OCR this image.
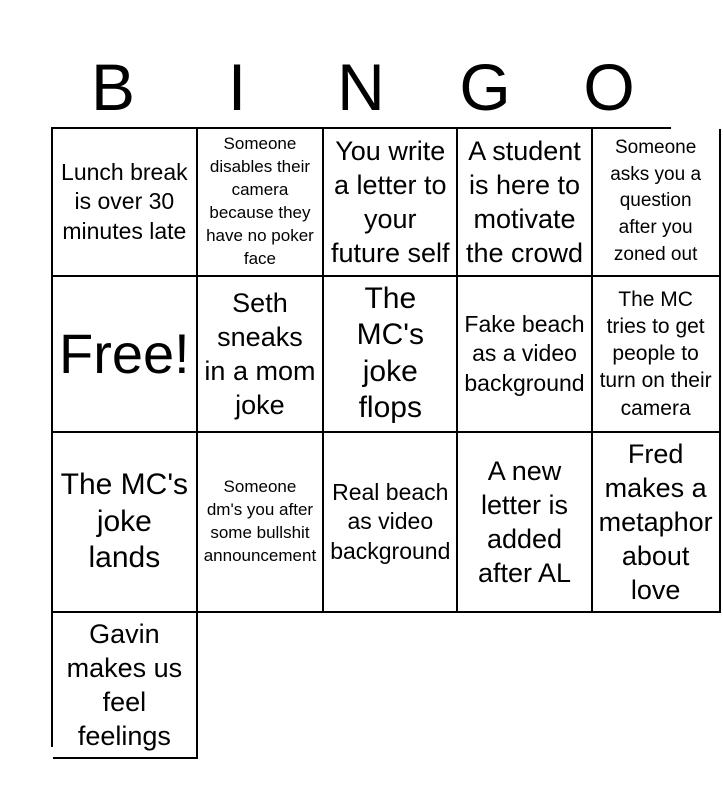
B	I	N	G	O
Lunch break is over 30 minutes late
Someone disables their camera because they have no poker face
You write a letter to your future self
A student is here to motivate the crowd
Someone asks you a question after you zoned out
Free!
Seth sneaks in a mom joke
The MC's joke flops
Fake beach as a video background
The MC tries to get people to turn on their camera
The MC's joke lands
Someone dm's you after some bullshit announcement
Real beach as video background
A new letter is added after AL
Fred makes a metaphor about love
Gavin makes us feel feelings
